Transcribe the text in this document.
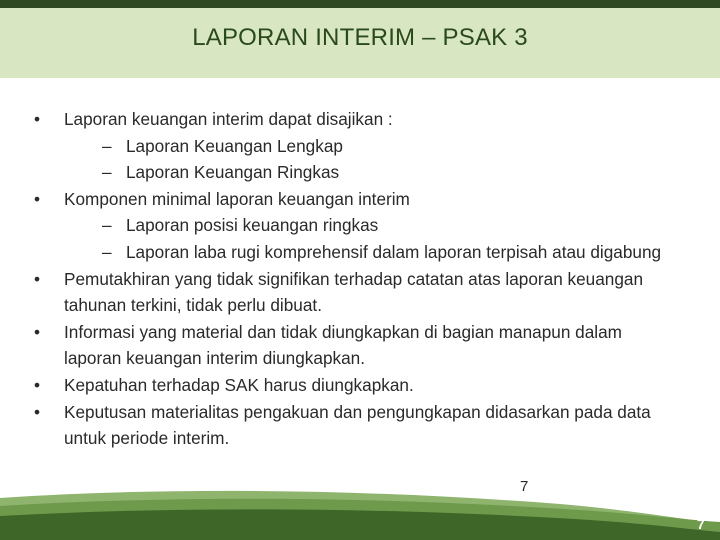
LAPORAN INTERIM – PSAK 3
•	Laporan keuangan interim dapat disajikan :
– Laporan Keuangan Lengkap
– Laporan Keuangan Ringkas
•	Komponen minimal laporan keuangan interim
– Laporan posisi keuangan ringkas
– Laporan laba rugi komprehensif dalam laporan terpisah atau digabung
•	Pemutakhiran yang tidak signifikan terhadap catatan atas laporan keuangan tahunan terkini, tidak perlu dibuat.
•	Informasi yang material dan tidak diungkapkan di bagian manapun dalam laporan keuangan interim diungkapkan.
•	Kepatuhan terhadap SAK harus diungkapkan.
•	Keputusan materialitas pengakuan dan pengungkapan didasarkan pada data untuk periode interim.
7
7
